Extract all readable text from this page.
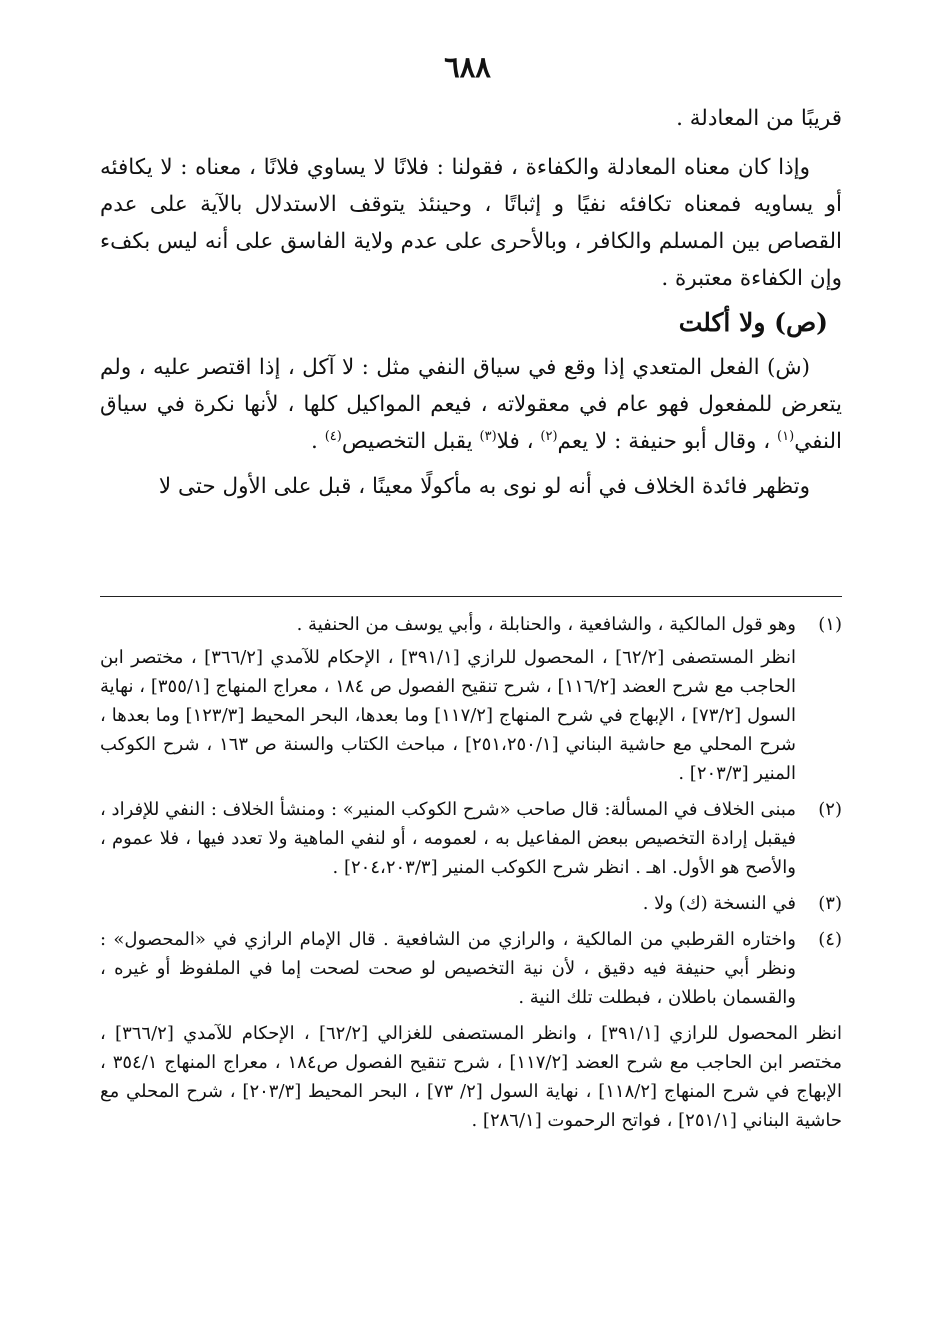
٦٨٨

قريبًا من المعادلة .

وإذا كان معناه المعادلة والكفاءة ، فقولنا : فلانًا لا يساوي فلانًا ، معناه : لا يكافئه أو يساويه فمعناه تكافئه نفيًا و إثباتًا ، وحينئذ يتوقف الاستدلال بالآية على عدم القصاص بين المسلم والكافر ، وبالأحرى على عدم ولاية الفاسق على أنه ليس بكفء وإن الكفاءة معتبرة .

(ص) ولا أكلت

(ش) الفعل المتعدي إذا وقع في سياق النفي مثل : لا آكل ، إذا اقتصر عليه ، ولم يتعرض للمفعول فهو عام في معقولاته ، فيعم المواكيل كلها ، لأنها نكرة في سياق النفي$^{(١)}$ ، وقال أبو حنيفة : لا يعم$^{(٢)}$ ، فلا$^{(٣)}$ يقبل التخصيص$^{(٤)}$ .

وتظهر فائدة الخلاف في أنه لو نوى به مأكولًا معينًا ، قبل على الأول حتى لا

(١)

وهو قول المالكية ، والشافعية ، والحنابلة ، وأبي يوسف من الحنفية .

انظر المستصفى [٦٢/٢] ، المحصول للرازي [٣٩١/١] ، الإحكام للآمدي [٣٦٦/٢] ، مختصر ابن الحاجب مع شرح العضد [١١٦/٢] ، شرح تنقيح الفصول ص ١٨٤ ، معراج المنهاج [٣٥٥/١] ، نهاية السول [٧٣/٢] ، الإبهاج في شرح المنهاج [١١٧/٢] وما بعدها، البحر المحيط [١٢٣/٣] وما بعدها ، شرح المحلي مع حاشية البناني [٢٥١،٢٥٠/١] ، مباحث الكتاب والسنة ص ١٦٣ ، شرح الكوكب المنير [٢٠٣/٣] .

(٢)

مبنى الخلاف في المسألة: قال صاحب «شرح الكوكب المنير» : ومنشأ الخلاف : النفي للإفراد ، فيقبل إرادة التخصيص ببعض المفاعيل به ، لعمومه ، أو لنفي الماهية ولا تعدد فيها ، فلا عموم ، والأصح هو الأول. اهـ . انظر شرح الكوكب المنير [٢٠٤،٢٠٣/٣] .

(٣)

في النسخة (ك) ولا .

(٤)

واختاره القرطبي من المالكية ، والرازي من الشافعية . قال الإمام الرازي في «المحصول» : ونظر أبي حنيفة فيه دقيق ، لأن نية التخصيص لو صحت لصحت إما في الملفوظ أو غيره ، والقسمان باطلان ، فبطلت تلك النية .

انظر المحصول للرازي [٣٩١/١] ، وانظر المستصفى للغزالي [٦٢/٢] ، الإحكام للآمدي [٣٦٦/٢] ، مختصر ابن الحاجب مع شرح العضد [١١٧/٢] ، شرح تنقيح الفصول ص١٨٤ ، معراج المنهاج ٣٥٤/١ ، الإبهاج في شرح المنهاج [١١٨/٢] ، نهاية السول [٢/ ٧٣] ، البحر المحيط [٢٠٣/٣] ، شرح المحلي مع حاشية البناني [٢٥١/١] ، فواتح الرحموت [٢٨٦/١] .
